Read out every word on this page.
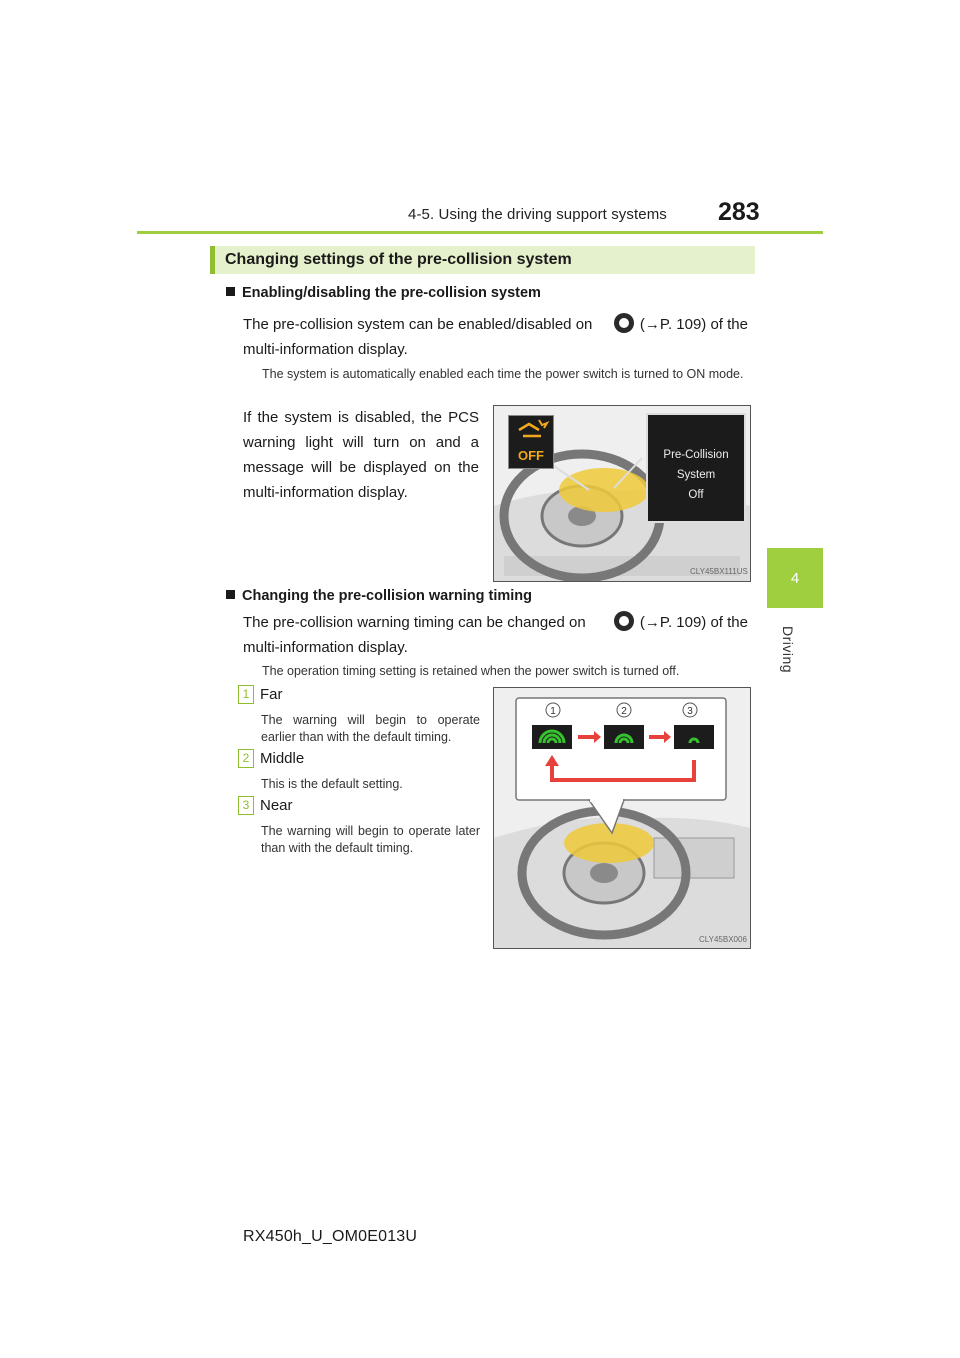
4-5. Using the driving support systems 283
4
Driving
Changing settings of the pre-collision system
Enabling/disabling the pre-collision system
The pre-collision system can be enabled/disabled on	(→P. 109) of the
multi-information display.
The system is automatically enabled each time the power switch is turned to ON mode.
If the system is disabled, the PCS warning light will turn on and a message will be displayed on the multi-information display.
OFF	Pre-Collision
System
Off
CLY45BX111US
Changing the pre-collision warning timing
The pre-collision warning timing can be changed on	(→P. 109) of the
multi-information display.
The operation timing setting is retained when the power switch is turned off.
1 Far
The warning will begin to operate earlier than with the default timing.
2 Middle
This is the default setting.
3 Near
The warning will begin to operate later than with the default timing.
1	2	3
CLY45BX006
RX450h_U_OM0E013U
